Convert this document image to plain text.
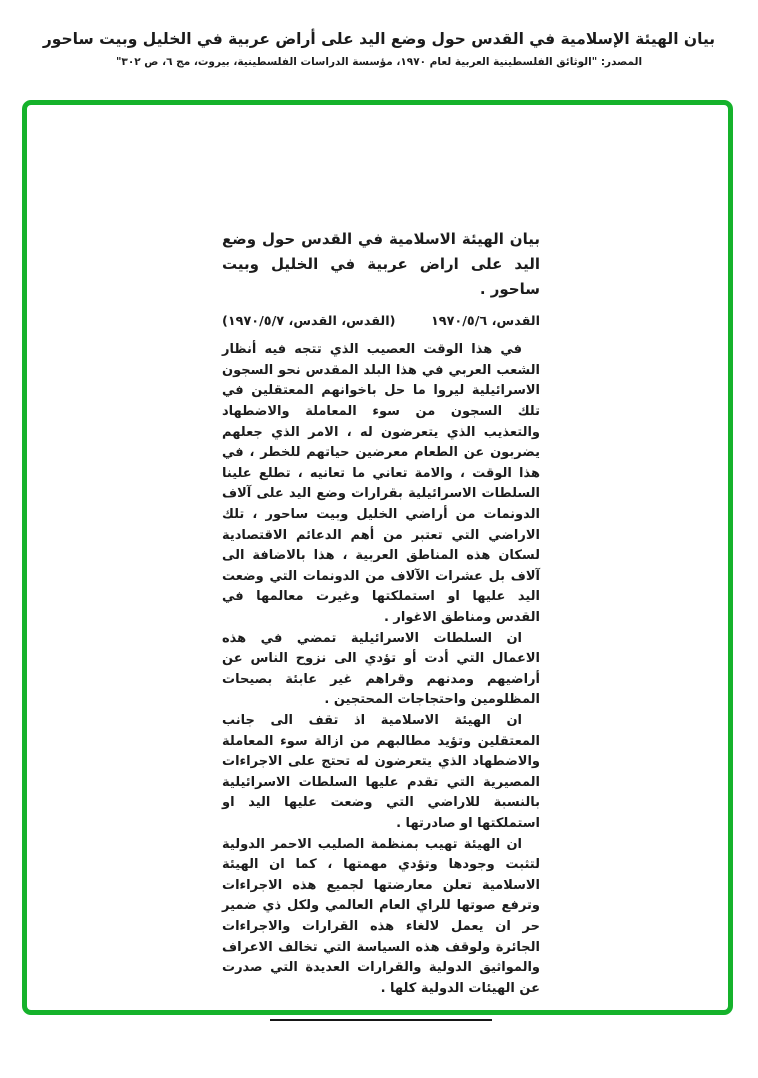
بيان الهيئة الإسلامية في القدس حول وضع اليد على أراض عربية في الخليل وبيت ساحور
المصدر: "الوثائق الفلسطينية العربية لعام ١٩٧٠، مؤسسة الدراسات الفلسطينية، بيروت، مج ٦، ص ٣٠٢"
بيان الهيئة الاسلامية في القدس حول وضع اليد على اراض عربية في الخليل وبيت ساحور .
القدس، ١٩٧٠/٥/٦
(القدس، القدس، ١٩٧٠/٥/٧)

في هذا الوقت العصيب الذي تتجه فيه أنظار الشعب العربي في هذا البلد المقدس نحو السجون الاسرائيلية ليروا ما حل باخوانهم المعتقلين في تلك السجون من سوء المعاملة والاضطهاد والتعذيب الذي يتعرضون له ، الامر الذي جعلهم يضربون عن الطعام معرضين حياتهم للخطر ، في هذا الوقت ، والامة تعاني ما تعانيه ، تطلع علينا السلطات الاسرائيلية بقرارات وضع اليد على آلاف الدونمات من أراضي الخليل وبيت ساحور ، تلك الاراضي التي تعتبر من أهم الدعائم الاقتصادية لسكان هذه المناطق العربية ، هذا بالاضافة الى آلاف بل عشرات الآلاف من الدونمات التي وضعت اليد عليها او استملكتها وغيرت معالمها في القدس ومناطق الاغوار .

ان السلطات الاسرائيلية تمضي في هذه الاعمال التي أدت أو تؤدي الى نزوح الناس عن أراضيهم ومدنهم وقراهم غير عابئة بصيحات المظلومين واحتجاجات المحتجين .

ان الهيئة الاسلامية اذ تقف الى جانب المعتقلين وتؤيد مطالبهم من ازالة سوء المعاملة والاضطهاد الذي يتعرضون له تحتج على الاجراءات المصيرية التي تقدم عليها السلطات الاسرائيلية بالنسبة للاراضي التي وضعت عليها اليد او استملكتها او صادرتها .

ان الهيئة تهيب بمنظمة الصليب الاحمر الدولية لتثبت وجودها وتؤدي مهمتها ، كما ان الهيئة الاسلامية تعلن معارضتها لجميع هذه الاجراءات وترفع صوتها للراي العام العالمي ولكل ذي ضمير حر ان يعمل لالغاء هذه القرارات والاجراءات الجائرة ولوقف هذه السياسة التي تخالف الاعراف والمواثيق الدولية والقرارات العديدة التي صدرت عن الهيئات الدولية كلها .
